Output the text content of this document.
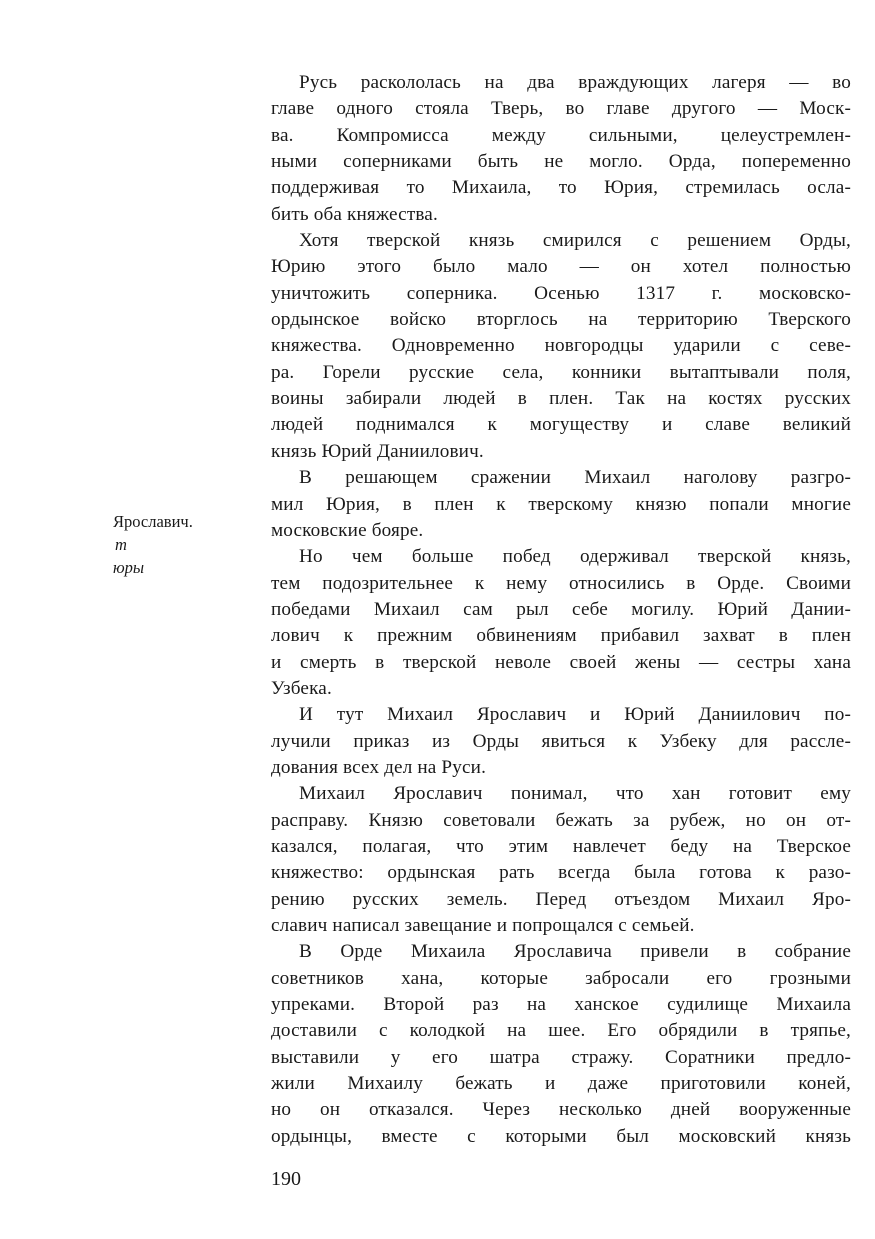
Ярославич.
т
юры
Русь раскололась на два враждующих лагеря — во
главе одного стояла Тверь, во главе другого — Моск-
ва. Компромисса между сильными, целеустремлен-
ными соперниками быть не могло. Орда, попеременно
поддерживая то Михаила, то Юрия, стремилась осла-
бить оба княжества.
Хотя тверской князь смирился с решением Орды,
Юрию этого было мало — он хотел полностью
уничтожить соперника. Осенью 1317 г. московско-
ордынское войско вторглось на территорию Тверского
княжества. Одновременно новгородцы ударили с севе-
ра. Горели русские села, конники вытаптывали поля,
воины забирали людей в плен. Так на костях русских
людей поднимался к могуществу и славе великий
князь Юрий Даниилович.
В решающем сражении Михаил наголову разгро-
мил Юрия, в плен к тверскому князю попали многие
московские бояре.
Но чем больше побед одерживал тверской князь,
тем подозрительнее к нему относились в Орде. Своими
победами Михаил сам рыл себе могилу. Юрий Дании-
лович к прежним обвинениям прибавил захват в плен
и смерть в тверской неволе своей жены — сестры хана
Узбека.
И тут Михаил Ярославич и Юрий Даниилович по-
лучили приказ из Орды явиться к Узбеку для рассле-
дования всех дел на Руси.
Михаил Ярославич понимал, что хан готовит ему
расправу. Князю советовали бежать за рубеж, но он от-
казался, полагая, что этим навлечет беду на Тверское
княжество: ордынская рать всегда была готова к разо-
рению русских земель. Перед отъездом Михаил Яро-
славич написал завещание и попрощался с семьей.
В Орде Михаила Ярославича привели в собрание
советников хана, которые забросали его грозными
упреками. Второй раз на ханское судилище Михаила
доставили с колодкой на шее. Его обрядили в тряпье,
выставили у его шатра стражу. Соратники предло-
жили Михаилу бежать и даже приготовили коней,
но он отказался. Через несколько дней вооруженные
ордынцы, вместе с которыми был московский князь
190
